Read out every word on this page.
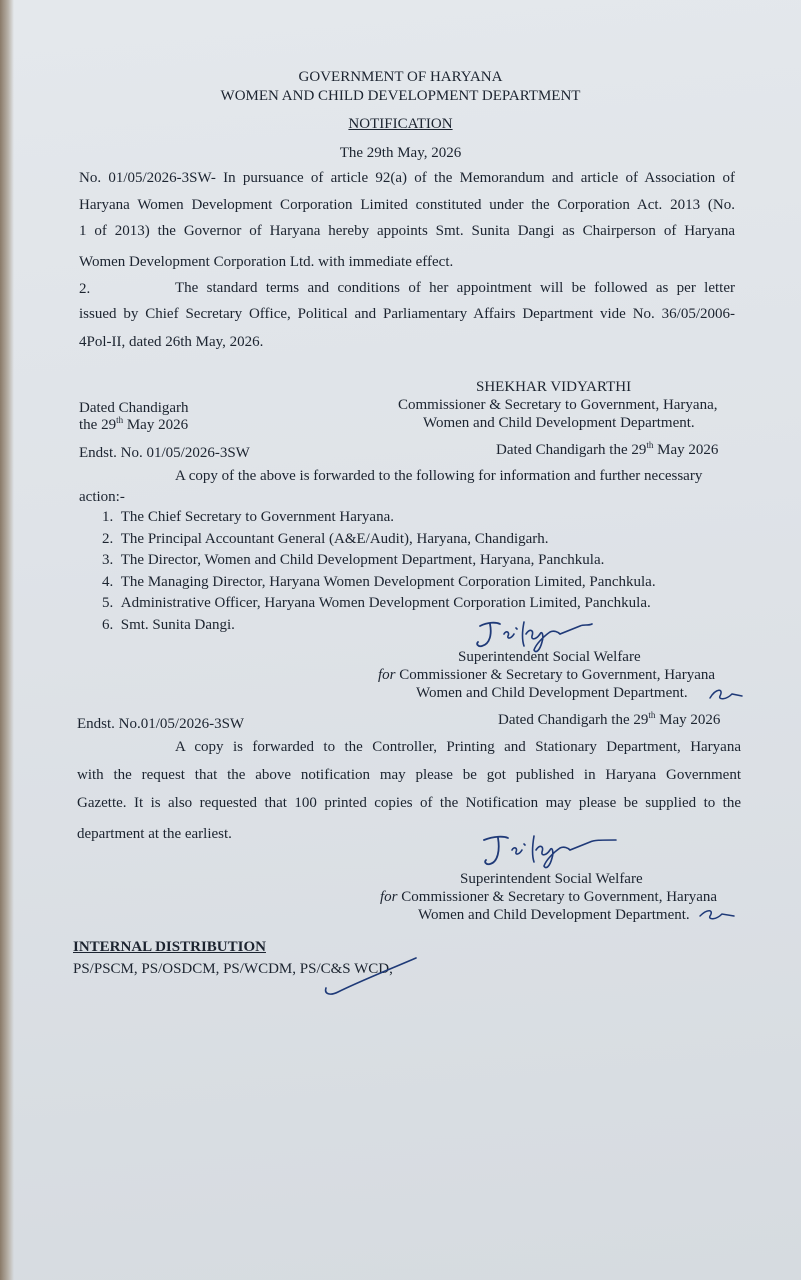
GOVERNMENT OF HARYANA
WOMEN AND CHILD DEVELOPMENT DEPARTMENT
NOTIFICATION
The 29th May, 2026
No. 01/05/2026-3SW- In pursuance of article 92(a) of the Memorandum and article of Association of
Haryana Women Development Corporation Limited constituted under the Corporation Act. 2013 (No.
1 of 2013) the Governor of Haryana hereby appoints Smt. Sunita Dangi as Chairperson of Haryana
Women Development Corporation Ltd. with immediate effect.
2.	The standard terms and conditions of her appointment will be followed as per letter
issued by Chief Secretary Office, Political and Parliamentary Affairs Department vide No. 36/05/2006-
4Pol-II, dated 26th May, 2026.
SHEKHAR VIDYARTHI
Commissioner & Secretary to Government, Haryana,
Women and Child Development Department.
Dated Chandigarh
the 29th May 2026
Endst. No. 01/05/2026-3SW	Dated Chandigarh the 29th May 2026
A copy of the above is forwarded to the following for information and further necessary
action:-
1. The Chief Secretary to Government Haryana.
2. The Principal Accountant General (A&E/Audit), Haryana, Chandigarh.
3. The Director, Women and Child Development Department, Haryana, Panchkula.
4. The Managing Director, Haryana Women Development Corporation Limited, Panchkula.
5. Administrative Officer, Haryana Women Development Corporation Limited, Panchkula.
6. Smt. Sunita Dangi.
Superintendent Social Welfare
for Commissioner & Secretary to Government, Haryana
Women and Child Development Department.
Endst. No.01/05/2026-3SW	Dated Chandigarh the 29th May 2026
A copy is forwarded to the Controller, Printing and Stationary Department, Haryana
with the request that the above notification may please be got published in Haryana Government
Gazette. It is also requested that 100 printed copies of the Notification may please be supplied to the
department at the earliest.
Superintendent Social Welfare
for Commissioner & Secretary to Government, Haryana
Women and Child Development Department.
INTERNAL DISTRIBUTION
PS/PSCM, PS/OSDCM, PS/WCDM, PS/C&S WCD,
